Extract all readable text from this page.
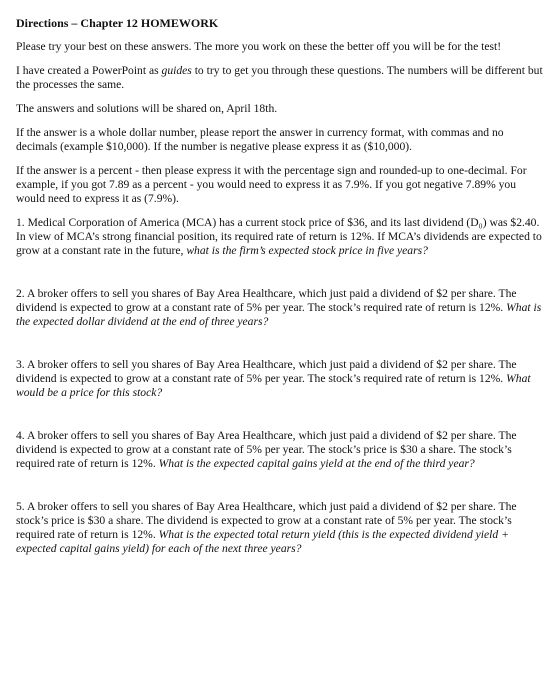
Directions – Chapter 12 HOMEWORK
Please try your best on these answers. The more you work on these the better off you will be for the test!
I have created a PowerPoint as guides to try to get you through these questions. The numbers will be different but the processes the same.
The answers and solutions will be shared on, April 18th.
If the answer is a whole dollar number, please report the answer in currency format, with commas and no decimals (example $10,000). If the number is negative please express it as ($10,000).
If the answer is a percent - then please express it with the percentage sign and rounded-up to one-decimal. For example, if you got 7.89 as a percent - you would need to express it as 7.9%. If you got negative 7.89% you would need to express it as (7.9%).
1. Medical Corporation of America (MCA) has a current stock price of $36, and its last dividend (D₀) was $2.40. In view of MCA’s strong financial position, its required rate of return is 12%. If MCA’s dividends are expected to grow at a constant rate in the future, what is the firm’s expected stock price in five years?
2. A broker offers to sell you shares of Bay Area Healthcare, which just paid a dividend of $2 per share. The dividend is expected to grow at a constant rate of 5% per year. The stock’s required rate of return is 12%. What is the expected dollar dividend at the end of three years?
3. A broker offers to sell you shares of Bay Area Healthcare, which just paid a dividend of $2 per share. The dividend is expected to grow at a constant rate of 5% per year. The stock’s required rate of return is 12%. What would be a price for this stock?
4. A broker offers to sell you shares of Bay Area Healthcare, which just paid a dividend of $2 per share. The dividend is expected to grow at a constant rate of 5% per year. The stock’s price is $30 a share. The stock’s required rate of return is 12%. What is the expected capital gains yield at the end of the third year?
5. A broker offers to sell you shares of Bay Area Healthcare, which just paid a dividend of $2 per share. The stock’s price is $30 a share. The dividend is expected to grow at a constant rate of 5% per year. The stock’s required rate of return is 12%. What is the expected total return yield (this is the expected dividend yield + expected capital gains yield) for each of the next three years?
